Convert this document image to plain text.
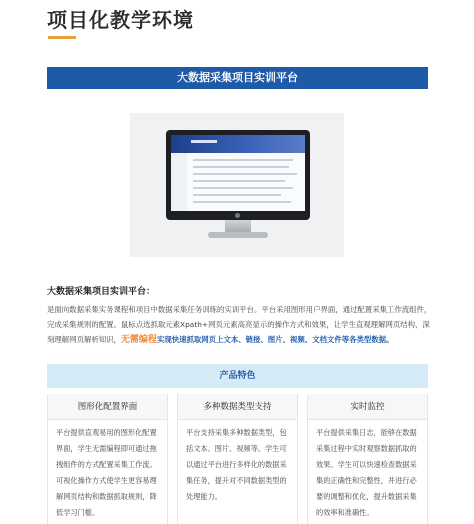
项目化教学环境
大数据采集项目实训平台
大数据采集项目实训平台：
是面向数据采集实务课程和项目中数据采集任务训练的实训平台。平台采用图形用户界面，通过配置采集工作流组件，完成采集规则的配置。鼠标点选抓取元素Xpath+网页元素高亮显示的操作方式和效果，让学生直观理解网页结构，深刻理解网页解析知识，无需编程实现快速抓取网页上文本、链接、图片、视频、文档文件等各类型数据。
产品特色
图形化配置界面
平台提供直观易用的图形化配置界面，学生无需编程即可通过拖拽组件的方式配置采集工作流。可视化操作方式使学生更容易理解网页结构和数据抓取规则，降低学习门槛。
多种数据类型支持
平台支持采集多种数据类型，包括文本、图片、视频等。学生可以通过平台进行多样化的数据采集任务，提升对不同数据类型的处理能力。
实时监控
平台提供采集日志，能够在数据采集过程中实时观察数据抓取的效果。学生可以快速检查数据采集的正确性和完整性，并进行必要的调整和优化，提升数据采集的效率和准确性。
